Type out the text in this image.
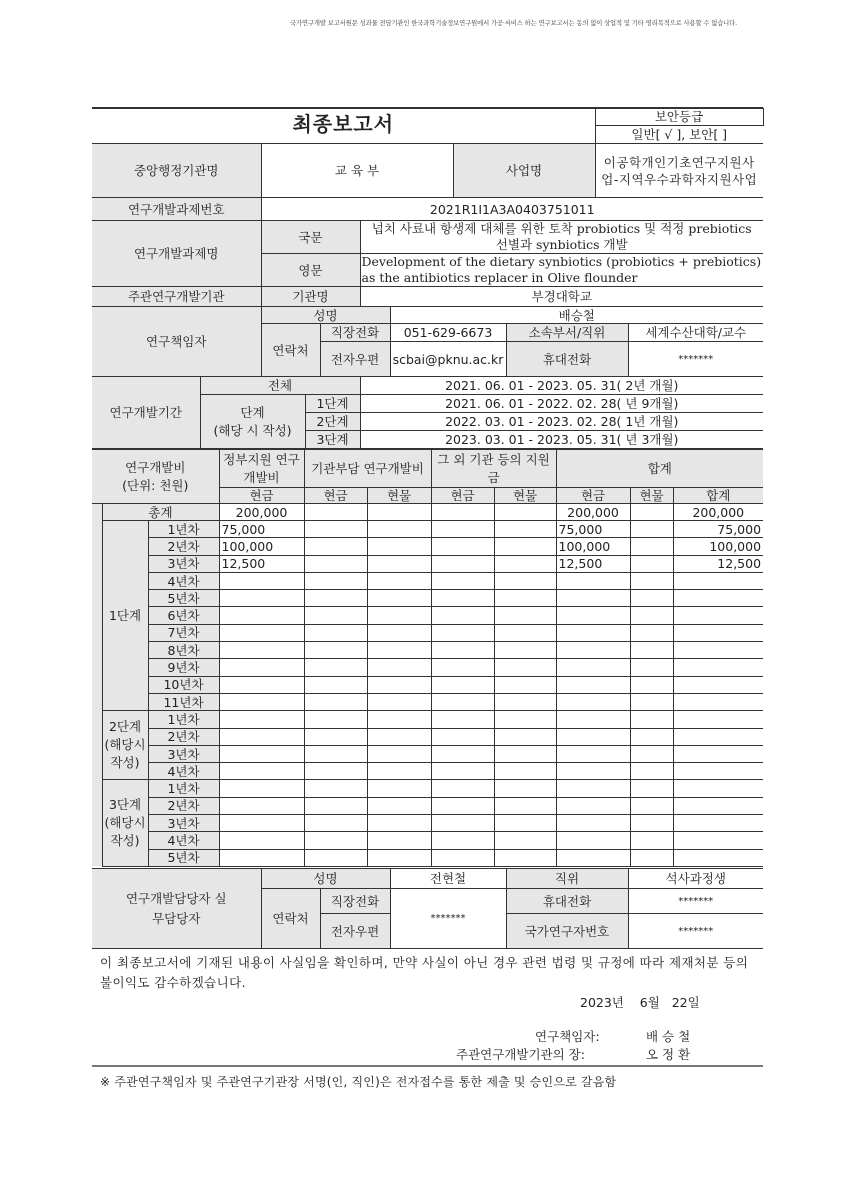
국가연구개발 보고서원문 성과물 전담기관인 한국과학기술정보연구원에서 가공·서비스 하는 연구보고서는 동의 없이 상업적 및 기타 영리목적으로 사용할 수 없습니다.
최종보고서	보안등급
일반[ √ ], 보안[ ]
중앙행정기관명	교 육 부	사업명	이공학개인기초연구지원사업-지역우수과학자지원사업
연구개발과제번호	2021R1I1A3A0403751011
연구개발과제명	국문	넙치 사료내 항생제 대체를 위한 토착 probiotics 및 적정 prebiotics 선별과 synbiotics 개발
	영문	Development of the dietary synbiotics (probiotics + prebiotics) as the antibiotics replacer in Olive flounder
주관연구개발기관	기관명	부경대학교
연구책임자	성명		배승철		
	연락처	직장전화	051-629-6673	소속부서/직위	세계수산대학/교수
		전자우편	scbai@pknu.ac.kr	휴대전화	*******
연구개발기간	전체		2021. 06. 01 - 2023. 05. 31( 2년 개월)
	단계
(해당 시 작성)	1단계	2021. 06. 01 - 2022. 02. 28( 년 9개월)
		2단계	2022. 03. 01 - 2023. 02. 28( 1년 개월)
		3단계	2023. 03. 01 - 2023. 05. 31( 년 3개월)
연구개발비
(단위: 천원)			정부지원 연구개발비	기관부담 연구개발비		그 외 기관 등의 지원금		합계		
			현금	현금	현물	현금	현물	현금	현물	합계
	총계		200,000					200,000		200,000
	1단계	1년차	75,000					75,000		75,000
		2년차	100,000					100,000		100,000
		3년차	12,500					12,500		12,500
		4년차								
		5년차								
		6년차								
		7년차								
		8년차								
		9년차								
		10년차								
		11년차								
	2단계 (해당시 작성)	1년차								
		2년차								
		3년차								
		4년차								
	3단계 (해당시 작성)	1년차								
		2년차								
		3년차								
		4년차								
		5년차								
연구개발담당자 실무담당자	성명		전현철	직위	석사과정생
	연락처	직장전화	*******	휴대전화	*******
		전자우편		국가연구자번호	*******
이 최종보고서에 기재된 내용이 사실임을 확인하며, 만약 사실이 아닌 경우 관련 법령 및 규정에 따라 제재처분 등의 불이익도 감수하겠습니다.
2023년    6월   22일
연구책임자:	배 승 철
주관연구개발기관의 장:	오 정 환
※ 주관연구책임자 및 주관연구기관장 서명(인, 직인)은 전자접수를 통한 제출 및 승인으로 갈음함
